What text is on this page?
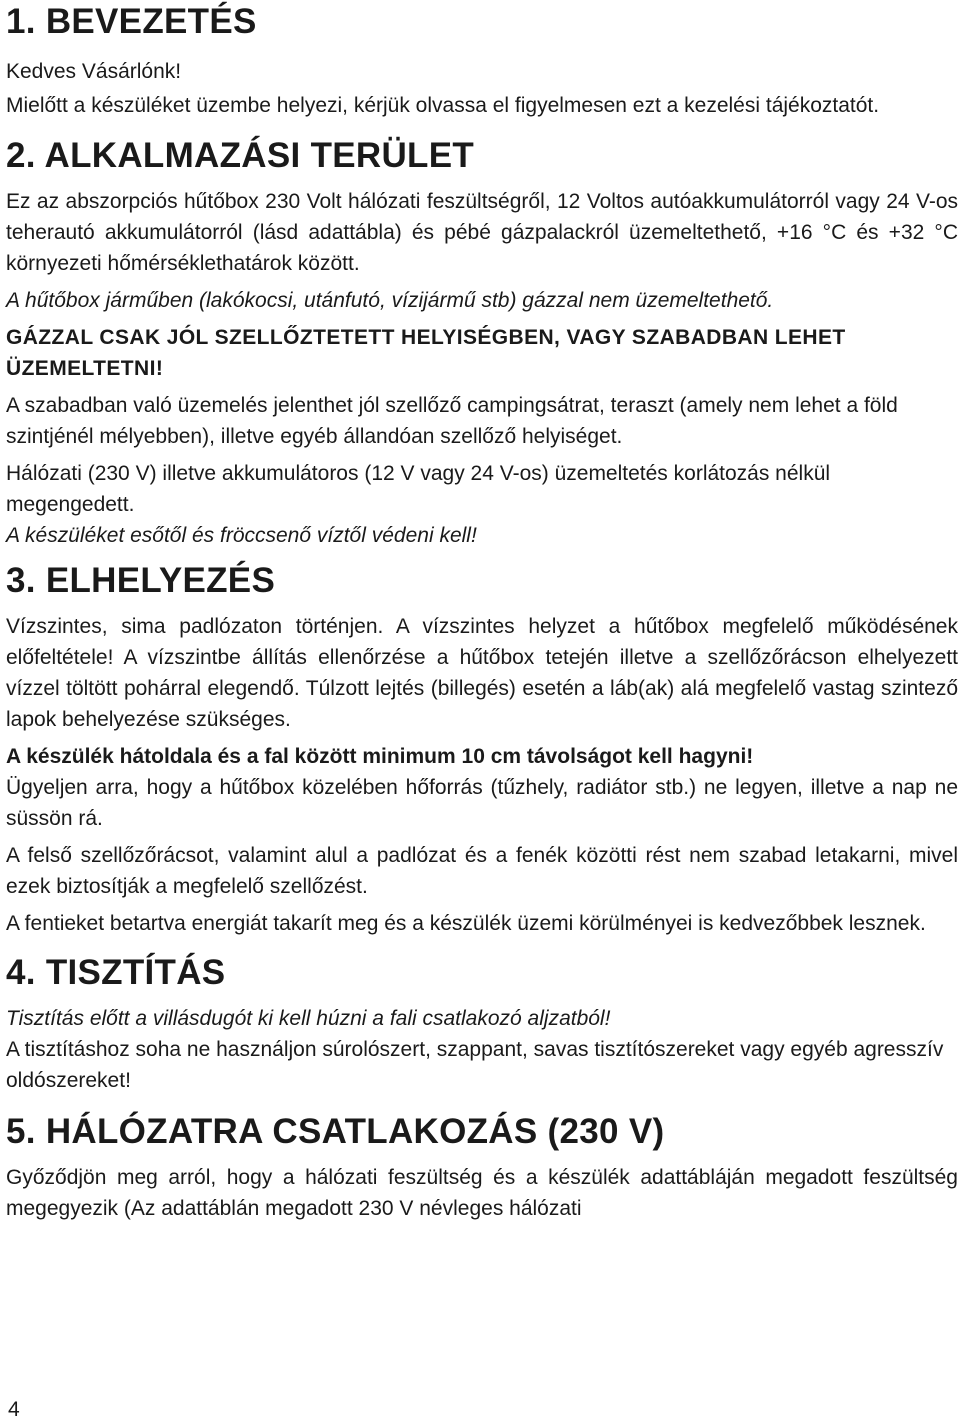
1. BEVEZETÉS

Kedves Vásárlónk!

Mielőtt a készüléket üzembe helyezi, kérjük olvassa el figyelmesen ezt a kezelési tájékoztatót.

2. ALKALMAZÁSI TERÜLET

Ez az abszorpciós hűtőbox 230 Volt hálózati feszültségről, 12 Voltos autóakkumulátorról vagy 24 V-os teherautó akkumulátorról (lásd adattábla) és pébé gázpalackról üzemeltethető, +16 °C és +32 °C környezeti hőmérséklethatárok között.

A hűtőbox járműben (lakókocsi, utánfutó, vízijármű stb) gázzal nem üzemeltethető.

GÁZZAL CSAK JÓL SZELLŐZTETETT HELYISÉGBEN, VAGY SZABADBAN LEHET ÜZEMELTETNI!

A szabadban való üzemelés jelenthet jól szellőző campingsátrat, teraszt (amely nem lehet a föld szintjénél mélyebben), illetve egyéb állandóan szellőző helyiséget.

Hálózati (230 V) illetve akkumulátoros (12 V vagy 24 V-os) üzemeltetés korlátozás nélkül megengedett.

A készüléket esőtől és fröccsenő víztől védeni kell!

3. ELHELYEZÉS

Vízszintes, sima padlózaton történjen. A vízszintes helyzet a hűtőbox megfelelő működésének előfeltétele! A vízszintbe állítás ellenőrzése a hűtőbox tetején illetve a szellőzőrácson elhelyezett vízzel töltött pohárral elegendő. Túlzott lejtés (billegés) esetén a láb(ak) alá megfelelő vastag szintező lapok behelyezése szükséges.

A készülék hátoldala és a fal között minimum 10 cm távolságot kell hagyni!

Ügyeljen arra, hogy a hűtőbox közelében hőforrás (tűzhely, radiátor stb.) ne legyen, illetve a nap ne süssön rá.

A felső szellőzőrácsot, valamint alul a padlózat és a fenék közötti rést nem szabad letakarni, mivel ezek biztosítják a megfelelő szellőzést.

A fentieket betartva energiát takarít meg és a készülék üzemi körülményei is kedvezőbbek lesznek.

4. TISZTÍTÁS

Tisztítás előtt a villásdugót ki kell húzni a fali csatlakozó aljzatból!

A tisztításhoz soha ne használjon súrolószert, szappant, savas tisztítószereket vagy egyéb agresszív oldószereket!

5. HÁLÓZATRA CSATLAKOZÁS (230 V)

Győződjön meg arról, hogy a hálózati feszültség és a készülék adattábláján megadott feszültség megegyezik (Az adattáblán megadott 230 V névleges hálózati

4
